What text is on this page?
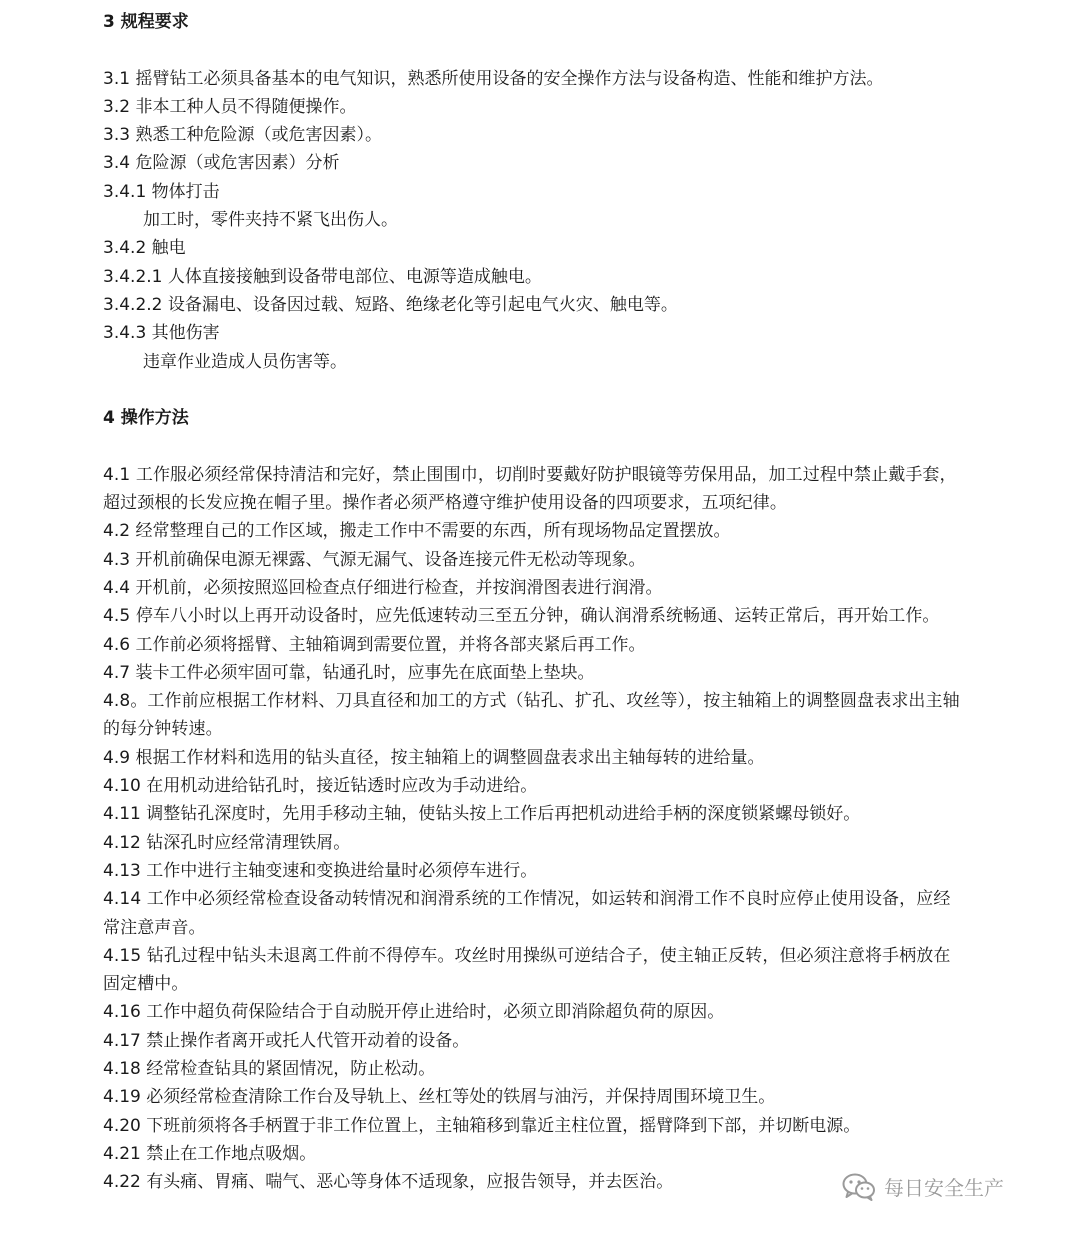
3 规程要求

3.1 摇臂钻工必须具备基本的电气知识，熟悉所使用设备的安全操作方法与设备构造、性能和维护方法。

3.2 非本工种人员不得随便操作。

3.3 熟悉工种危险源（或危害因素）。

3.4 危险源（或危害因素）分析

3.4.1 物体打击

加工时，零件夹持不紧飞出伤人。

3.4.2 触电

3.4.2.1 人体直接接触到设备带电部位、电源等造成触电。

3.4.2.2 设备漏电、设备因过载、短路、绝缘老化等引起电气火灾、触电等。

3.4.3 其他伤害

违章作业造成人员伤害等。

4 操作方法

4.1 工作服必须经常保持清洁和完好，禁止围围巾，切削时要戴好防护眼镜等劳保用品，加工过程中禁止戴手套，超过颈根的长发应挽在帽子里。操作者必须严格遵守维护使用设备的四项要求，五项纪律。

4.2 经常整理自己的工作区域，搬走工作中不需要的东西，所有现场物品定置摆放。

4.3 开机前确保电源无裸露、气源无漏气、设备连接元件无松动等现象。

4.4 开机前，必须按照巡回检查点仔细进行检查，并按润滑图表进行润滑。

4.5 停车八小时以上再开动设备时，应先低速转动三至五分钟，确认润滑系统畅通、运转正常后，再开始工作。

4.6 工作前必须将摇臂、主轴箱调到需要位置，并将各部夹紧后再工作。

4.7 装卡工件必须牢固可靠，钻通孔时，应事先在底面垫上垫块。

4.8。工作前应根据工作材料、刀具直径和加工的方式（钻孔、扩孔、攻丝等），按主轴箱上的调整圆盘表求出主轴的每分钟转速。

4.9 根据工作材料和选用的钻头直径，按主轴箱上的调整圆盘表求出主轴每转的进给量。

4.10 在用机动进给钻孔时，接近钻透时应改为手动进给。

4.11 调整钻孔深度时，先用手移动主轴，使钻头按上工作后再把机动进给手柄的深度锁紧螺母锁好。

4.12 钻深孔时应经常清理铁屑。

4.13 工作中进行主轴变速和变换进给量时必须停车进行。

4.14 工作中必须经常检查设备动转情况和润滑系统的工作情况，如运转和润滑工作不良时应停止使用设备，应经常注意声音。

4.15 钻孔过程中钻头未退离工件前不得停车。攻丝时用操纵可逆结合子，使主轴正反转，但必须注意将手柄放在固定槽中。

4.16 工作中超负荷保险结合于自动脱开停止进给时，必须立即消除超负荷的原因。

4.17 禁止操作者离开或托人代管开动着的设备。

4.18 经常检查钻具的紧固情况，防止松动。

4.19 必须经常检查清除工作台及导轨上、丝杠等处的铁屑与油污，并保持周围环境卫生。

4.20 下班前须将各手柄置于非工作位置上，主轴箱移到靠近主柱位置，摇臂降到下部，并切断电源。

4.21 禁止在工作地点吸烟。

4.22 有头痛、胃痛、喘气、恶心等身体不适现象，应报告领导，并去医治。	每日安全生产
